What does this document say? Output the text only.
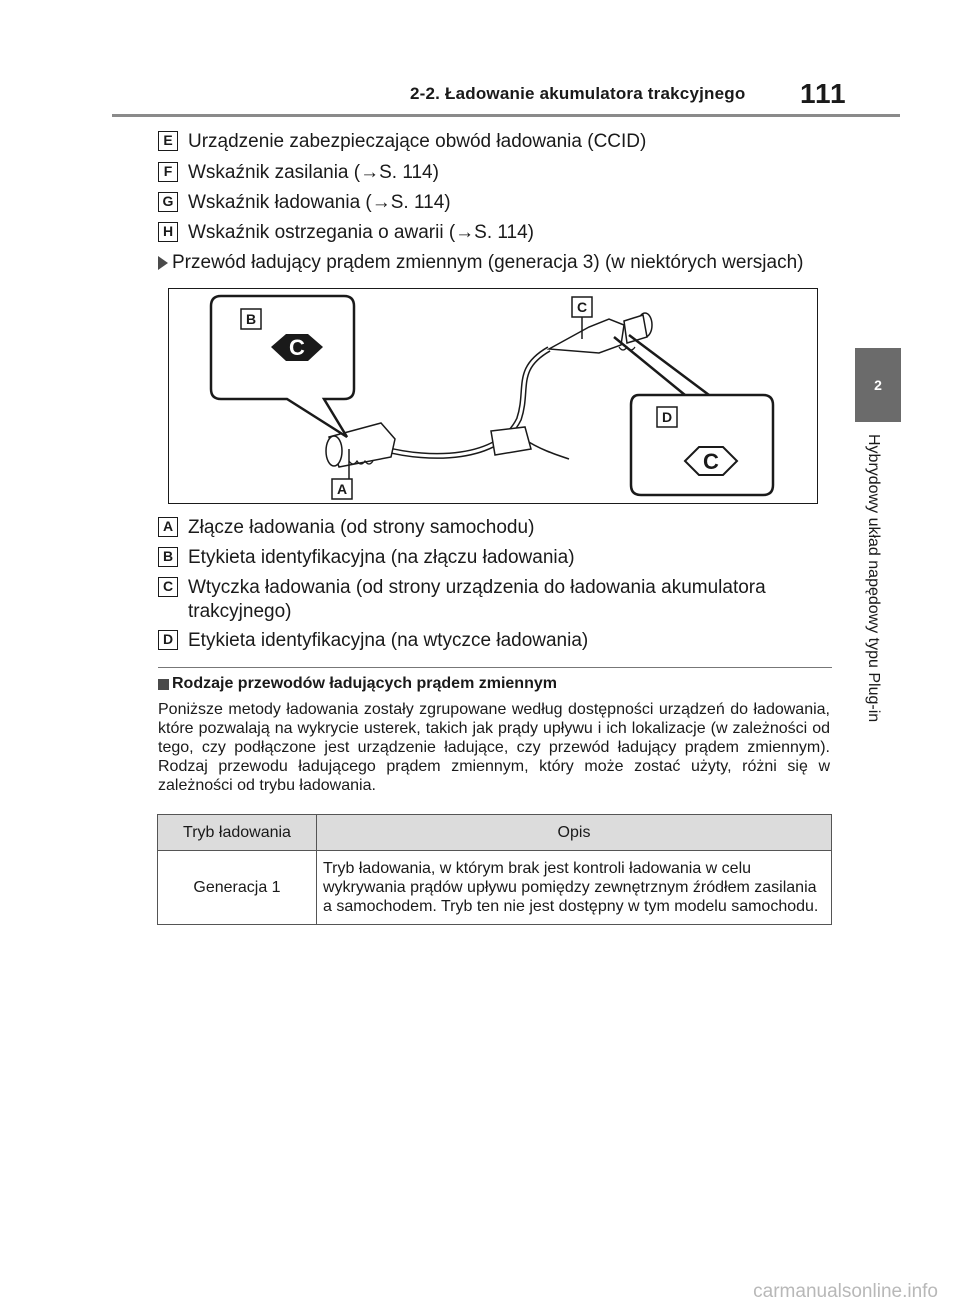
2-2. Ładowanie akumulatora trakcyjnego 111
2
Hybrydowy układ napędowy typu Plug-in
E Urządzenie zabezpieczające obwód ładowania (CCID)
F Wskaźnik zasilania (→S. 114)
G Wskaźnik ładowania (→S. 114)
H Wskaźnik ostrzegania o awarii (→S. 114)
Przewód ładujący prądem zmiennym (generacja 3) (w niektórych wersjach)
B
C
D
A
C
C
A Złącze ładowania (od strony samochodu)
B Etykieta identyfikacyjna (na złączu ładowania)
C Wtyczka ładowania (od strony urządzenia do ładowania akumulatora trakcyjnego)
D Etykieta identyfikacyjna (na wtyczce ładowania)
Rodzaje przewodów ładujących prądem zmiennym
Poniższe metody ładowania zostały zgrupowane według dostępności urządzeń do ładowania, które pozwalają na wykrycie usterek, takich jak prądy upływu i ich lokalizacje (w zależności od tego, czy podłączone jest urządzenie ładujące, czy przewód ładujący prądem zmiennym). Rodzaj przewodu ładującego prądem zmiennym, który może zostać użyty, różni się w zależności od trybu ładowania.
Tryb ładowania	Opis
Generacja 1	Tryb ładowania, w którym brak jest kontroli ładowania w celu wykrywania prądów upływu pomiędzy zewnętrznym źródłem zasilania a samochodem. Tryb ten nie jest dostępny w tym modelu samochodu.
carmanualsonline.info
